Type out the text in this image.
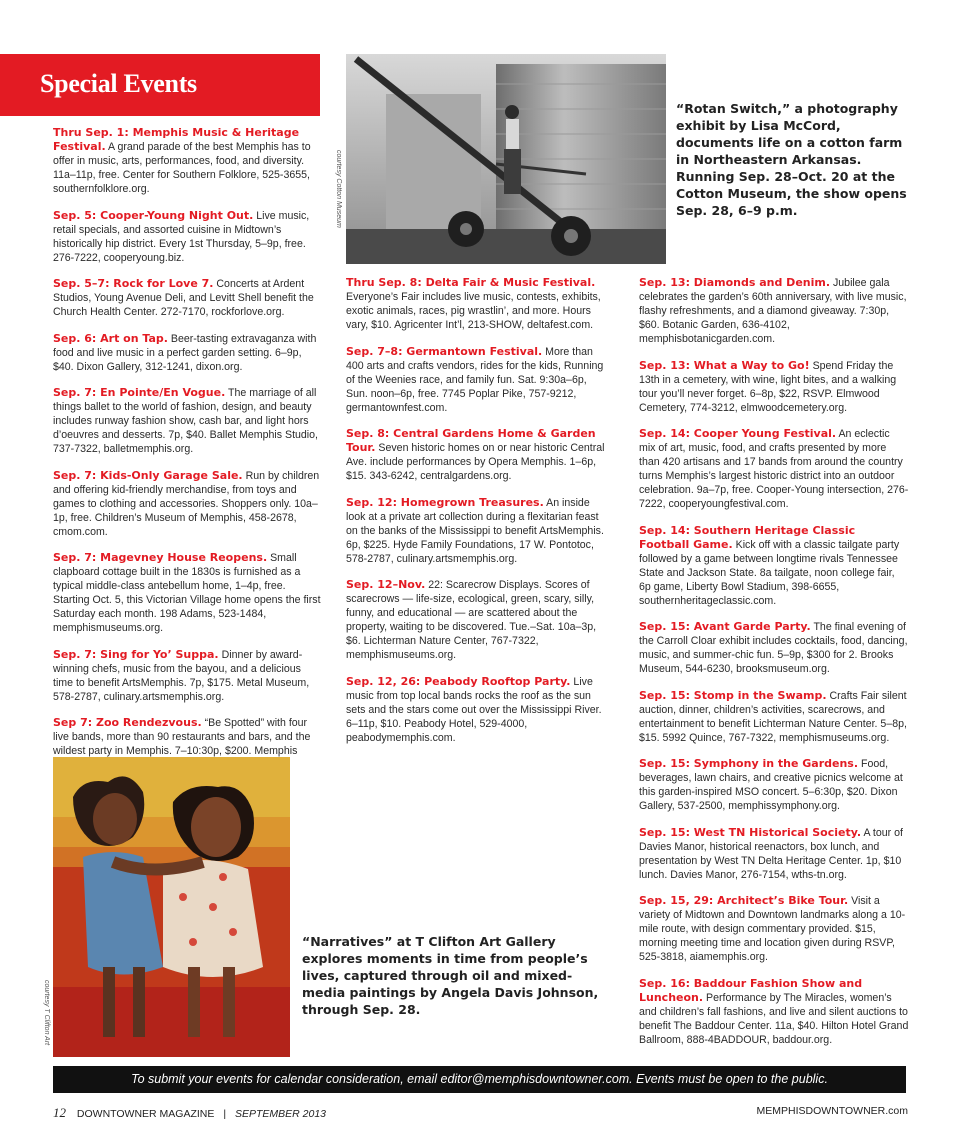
Special Events
courtesy Cotton Museum
“Rotan Switch,” a photography exhibit by Lisa McCord, documents life on a cotton farm in Northeastern Arkansas. Running Sep. 28–Oct. 20 at the Cotton Museum, the show opens Sep. 28, 6–9 p.m.
Thru Sep. 1: Memphis Music & Heritage Festival. A grand parade of the best Memphis has to offer in music, arts, performances, food, and diversity. 11a–11p, free. Center for Southern Folklore, 525-3655, southernfolklore.org.
Sep. 5: Cooper-Young Night Out. Live music, retail specials, and assorted cuisine in Midtown’s historically hip district. Every 1st Thursday, 5–9p, free. 276-7222, cooperyoung.biz.
Sep. 5–7: Rock for Love 7. Concerts at Ardent Studios, Young Avenue Deli, and Levitt Shell benefit the Church Health Center. 272-7170, rockforlove.org.
Sep. 6: Art on Tap. Beer-tasting extravaganza with food and live music in a perfect garden setting. 6–9p, $40. Dixon Gallery, 312-1241, dixon.org.
Sep. 7: En Pointe/En Vogue. The marriage of all things ballet to the world of fashion, design, and beauty includes runway fashion show, cash bar, and light hors d’oeuvres and desserts. 7p, $40. Ballet Memphis Studio, 737-7322, balletmemphis.org.
Sep. 7: Kids-Only Garage Sale. Run by children and offering kid-friendly merchandise, from toys and games to clothing and accessories. Shoppers only. 10a–1p, free. Children’s Museum of Memphis, 458-2678, cmom.com.
Sep. 7: Magevney House Reopens. Small clapboard cottage built in the 1830s is furnished as a typical middle-class antebellum home, 1–4p, free. Starting Oct. 5, this Victorian Village home opens the first Saturday each month. 198 Adams, 523-1484, memphismuseums.org.
Sep. 7: Sing for Yo’ Suppa. Dinner by award-winning chefs, music from the bayou, and a delicious time to benefit ArtsMemphis. 7p, $175. Metal Museum, 578-2787, culinary.artsmemphis.org.
Sep 7: Zoo Rendezvous. “Be Spotted” with four live bands, more than 90 restaurants and bars, and the wildest party in Memphis. 7–10:30p, $200. Memphis
Thru Sep. 8: Delta Fair & Music Festival. Everyone’s Fair includes live music, contests, exhibits, exotic animals, races, pig wrastlin’, and more. Hours vary, $10. Agricenter Int’l, 213-SHOW, deltafest.com.
Sep. 7–8: Germantown Festival. More than 400 arts and crafts vendors, rides for the kids, Running of the Weenies race, and family fun. Sat. 9:30a–6p, Sun. noon–6p, free. 7745 Poplar Pike, 757-9212, germantownfest.com.
Sep. 8: Central Gardens Home & Garden Tour. Seven historic homes on or near historic Central Ave. include performances by Opera Memphis. 1–6p, $15. 343-6242, centralgardens.org.
Sep. 12: Homegrown Treasures. An inside look at a private art collection during a flexitarian feast on the banks of the Mississippi to benefit ArtsMemphis. 6p, $225. Hyde Family Foundations, 17 W. Pontotoc, 578-2787, culinary.artsmemphis.org.
Sep. 12–Nov. 22: Scarecrow Displays. Scores of scarecrows — life-size, ecological, green, scary, silly, funny, and educational — are scattered about the property, waiting to be discovered. Tue.–Sat. 10a–3p, $6. Lichterman Nature Center, 767-7322, memphismuseums.org.
Sep. 12, 26: Peabody Rooftop Party. Live music from top local bands rocks the roof as the sun sets and the stars come out over the Mississippi River. 6–11p, $10. Peabody Hotel, 529-4000, peabodymemphis.com.
Sep. 13: Diamonds and Denim. Jubilee gala celebrates the garden’s 60th anniversary, with live music, flashy refreshments, and a diamond giveaway. 7:30p, $60. Botanic Garden, 636-4102, memphisbotanicgarden.com.
Sep. 13: What a Way to Go! Spend Friday the 13th in a cemetery, with wine, light bites, and a walking tour you’ll never forget. 6–8p, $22, RSVP. Elmwood Cemetery, 774-3212, elmwoodcemetery.org.
Sep. 14: Cooper Young Festival. An eclectic mix of art, music, food, and crafts presented by more than 420 artisans and 17 bands from around the country turns Memphis’s largest historic district into an outdoor celebration. 9a–7p, free. Cooper-Young intersection, 276-7222, cooperyoungfestival.com.
Sep. 14: Southern Heritage Classic Football Game. Kick off with a classic tailgate party followed by a game between longtime rivals Tennessee State and Jackson State. 8a tailgate, noon college fair, 6p game, Liberty Bowl Stadium, 398-6655, southernheritageclassic.com.
Sep. 15: Avant Garde Party. The final evening of the Carroll Cloar exhibit includes cocktails, food, dancing, music, and summer-chic fun. 5–9p, $300 for 2. Brooks Museum, 544-6230, brooksmuseum.org.
Sep. 15: Stomp in the Swamp. Crafts Fair silent auction, dinner, children’s activities, scarecrows, and entertainment to benefit Lichterman Nature Center. 5–8p, $15. 5992 Quince, 767-7322, memphismuseums.org.
Sep. 15: Symphony in the Gardens. Food, beverages, lawn chairs, and creative picnics welcome at this garden-inspired MSO concert. 5–6:30p, $20. Dixon Gallery, 537-2500, memphissymphony.org.
Sep. 15: West TN Historical Society. A tour of Davies Manor, historical reenactors, box lunch, and presentation by West TN Delta Heritage Center. 1p, $10 lunch. Davies Manor, 276-7154, wths-tn.org.
Sep. 15, 29: Architect’s Bike Tour. Visit a variety of Midtown and Downtown landmarks along a 10-mile route, with design commentary provided. $15, morning meeting time and location given during RSVP, 525-3818, aiamemphis.org.
Sep. 16: Baddour Fashion Show and Luncheon. Performance by The Miracles, women’s and children’s fall fashions, and live and silent auctions to benefit The Baddour Center. 11a, $40. Hilton Hotel Grand Ballroom, 888-4BADDOUR, baddour.org.
courtesy T Clifton Art
“Narratives” at T Clifton Art Gallery explores moments in time from people’s lives, captured through oil and mixed-media paintings by Angela Davis Johnson, through Sep. 28.
To submit your events for calendar consideration, email editor@memphisdowntowner.com. Events must be open to the public.
12 DOWNTOWNER MAGAZINE | SEPTEMBER 2013	MEMPHISDOWNTOWNER.com
